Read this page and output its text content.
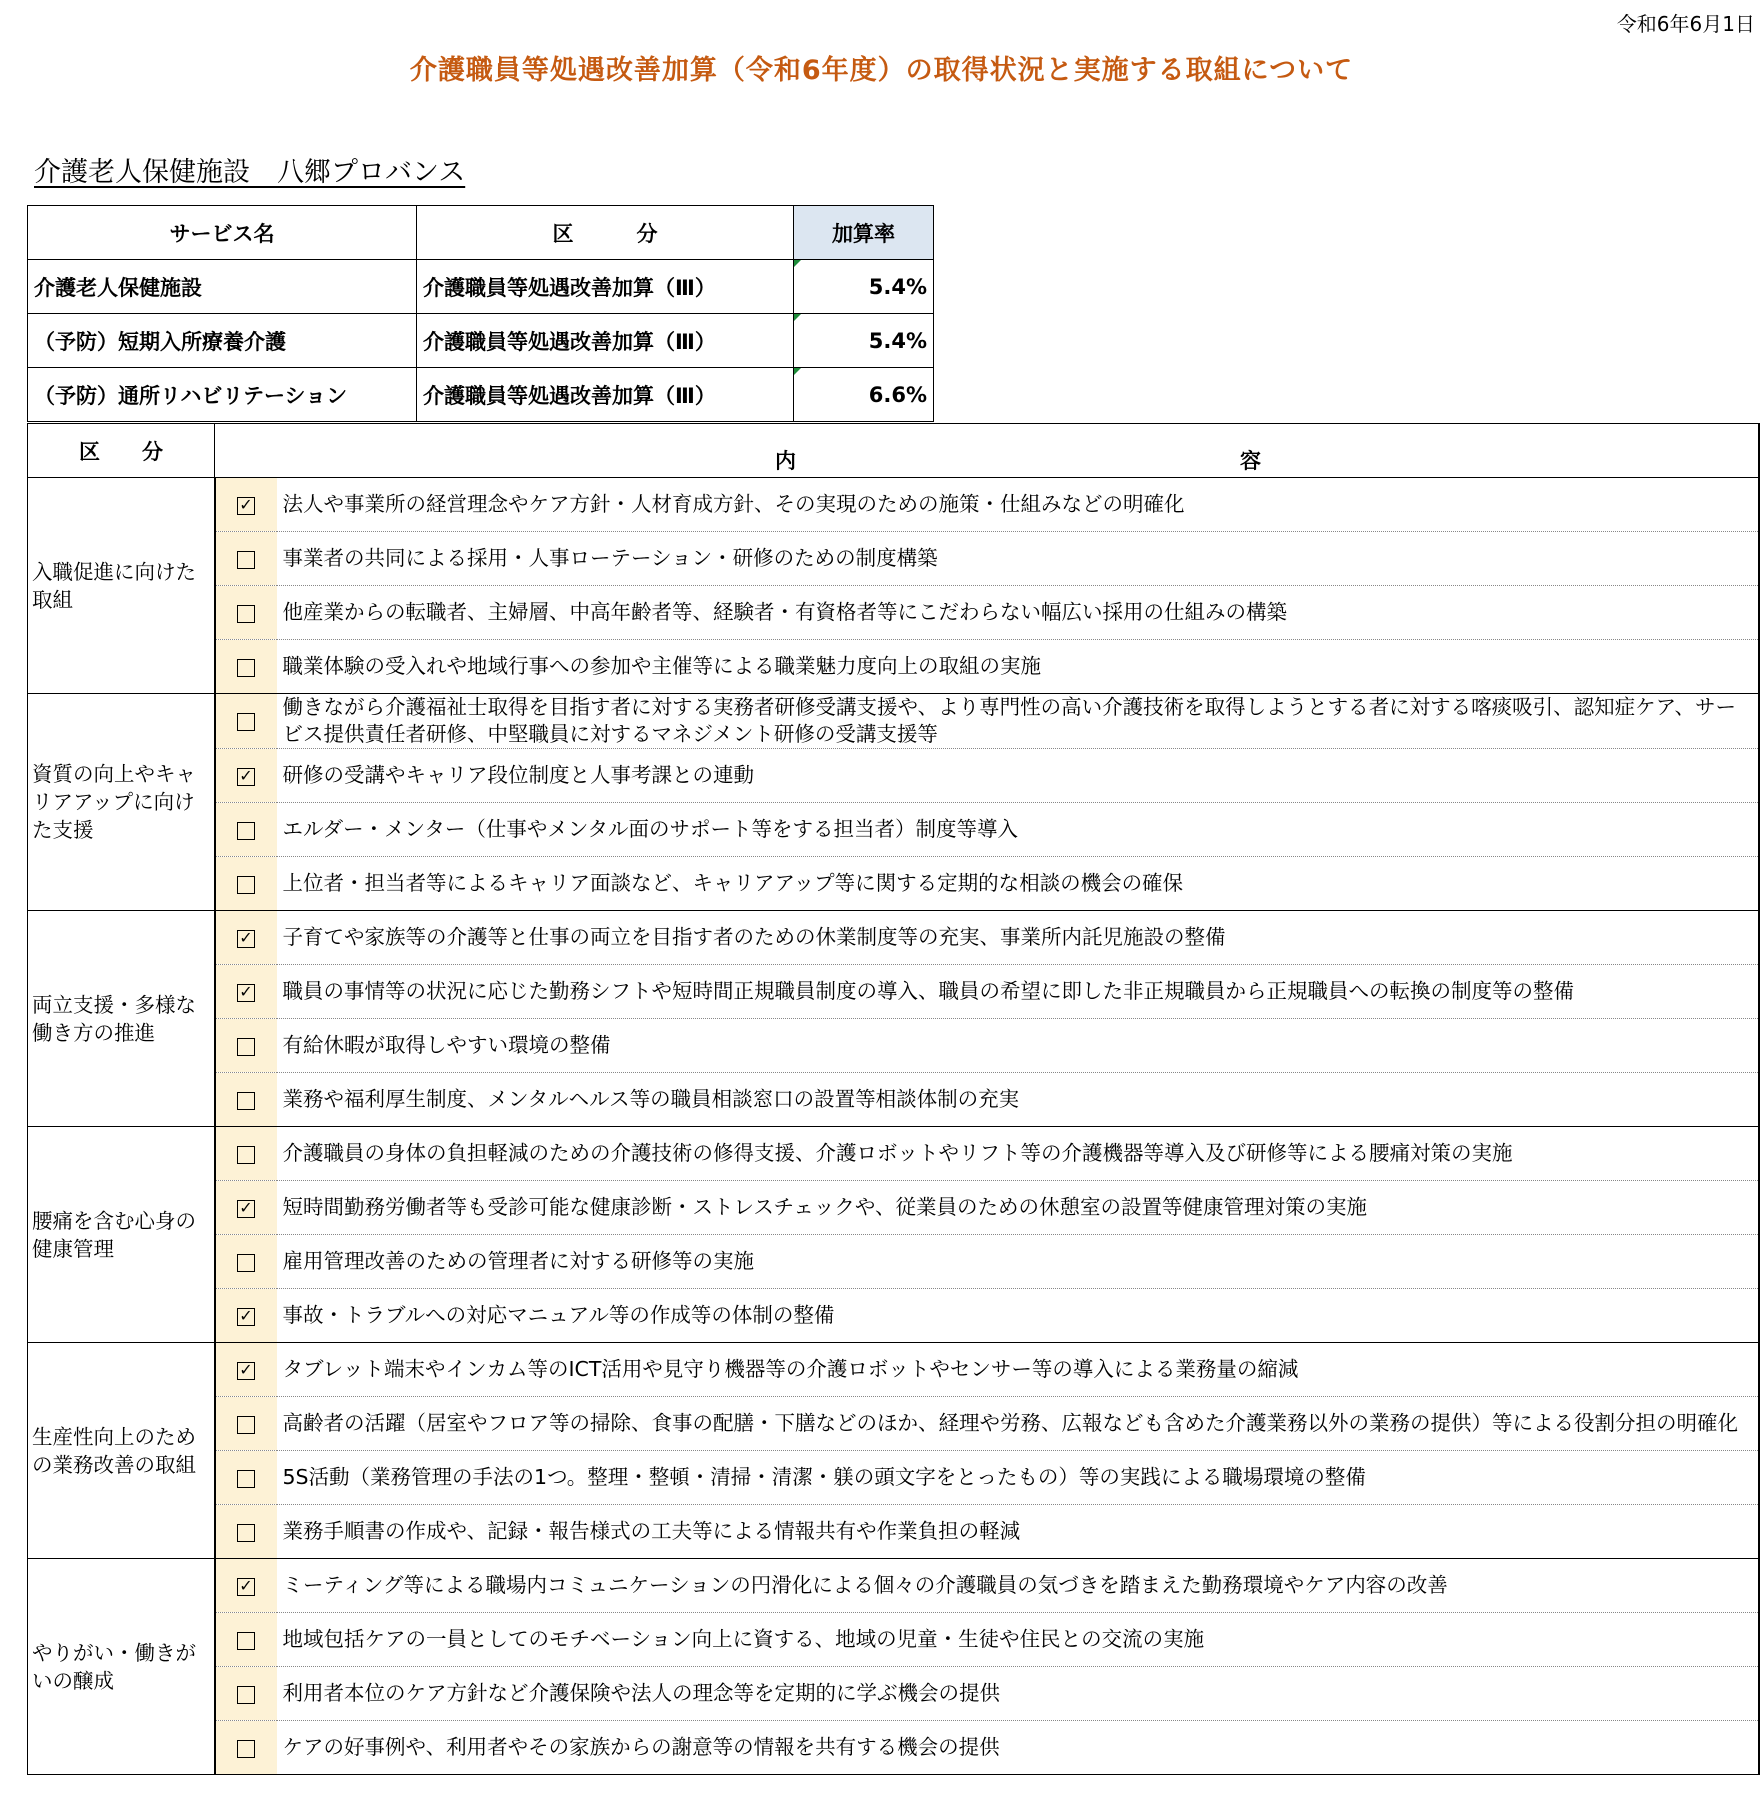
令和6年6月1日
介護職員等処遇改善加算（令和6年度）の取得状況と実施する取組について
介護老人保健施設　八郷プロバンス
サービス名	区　　　分	加算率
介護老人保健施設	介護職員等処遇改善加算（Ⅲ）	5.4%
（予防）短期入所療養介護	介護職員等処遇改善加算（Ⅲ）	5.4%
（予防）通所リハビリテーション	介護職員等処遇改善加算（Ⅲ）	6.6%
区　　分	内 容	

入職促進に向けた取組	✓	法人や事業所の経営理念やケア方針・人材育成方針、その実現のための施策・仕組みなどの明確化
		事業者の共同による採用・人事ローテーション・研修のための制度構築
		他産業からの転職者、主婦層、中高年齢者等、経験者・有資格者等にこだわらない幅広い採用の仕組みの構築
		職業体験の受入れや地域行事への参加や主催等による職業魅力度向上の取組の実施
資質の向上やキャリアアップに向けた支援		働きながら介護福祉士取得を目指す者に対する実務者研修受講支援や、より専門性の高い介護技術を取得しようとする者に対する喀痰吸引、認知症ケア、サービス提供責任者研修、中堅職員に対するマネジメント研修の受講支援等
	✓	研修の受講やキャリア段位制度と人事考課との連動
		エルダー・メンター（仕事やメンタル面のサポート等をする担当者）制度等導入
		上位者・担当者等によるキャリア面談など、キャリアアップ等に関する定期的な相談の機会の確保
両立支援・多様な働き方の推進	✓	子育てや家族等の介護等と仕事の両立を目指す者のための休業制度等の充実、事業所内託児施設の整備
	✓	職員の事情等の状況に応じた勤務シフトや短時間正規職員制度の導入、職員の希望に即した非正規職員から正規職員への転換の制度等の整備
		有給休暇が取得しやすい環境の整備
		業務や福利厚生制度、メンタルヘルス等の職員相談窓口の設置等相談体制の充実
腰痛を含む心身の健康管理		介護職員の身体の負担軽減のための介護技術の修得支援、介護ロボットやリフト等の介護機器等導入及び研修等による腰痛対策の実施
	✓	短時間勤務労働者等も受診可能な健康診断・ストレスチェックや、従業員のための休憩室の設置等健康管理対策の実施
		雇用管理改善のための管理者に対する研修等の実施
	✓	事故・トラブルへの対応マニュアル等の作成等の体制の整備
生産性向上のための業務改善の取組	✓	タブレット端末やインカム等のICT活用や見守り機器等の介護ロボットやセンサー等の導入による業務量の縮減
		高齢者の活躍（居室やフロア等の掃除、食事の配膳・下膳などのほか、経理や労務、広報なども含めた介護業務以外の業務の提供）等による役割分担の明確化
		5S活動（業務管理の手法の1つ。整理・整頓・清掃・清潔・躾の頭文字をとったもの）等の実践による職場環境の整備
		業務手順書の作成や、記録・報告様式の工夫等による情報共有や作業負担の軽減
やりがい・働きがいの醸成	✓	ミーティング等による職場内コミュニケーションの円滑化による個々の介護職員の気づきを踏まえた勤務環境やケア内容の改善
		地域包括ケアの一員としてのモチベーション向上に資する、地域の児童・生徒や住民との交流の実施
		利用者本位のケア方針など介護保険や法人の理念等を定期的に学ぶ機会の提供
		ケアの好事例や、利用者やその家族からの謝意等の情報を共有する機会の提供
